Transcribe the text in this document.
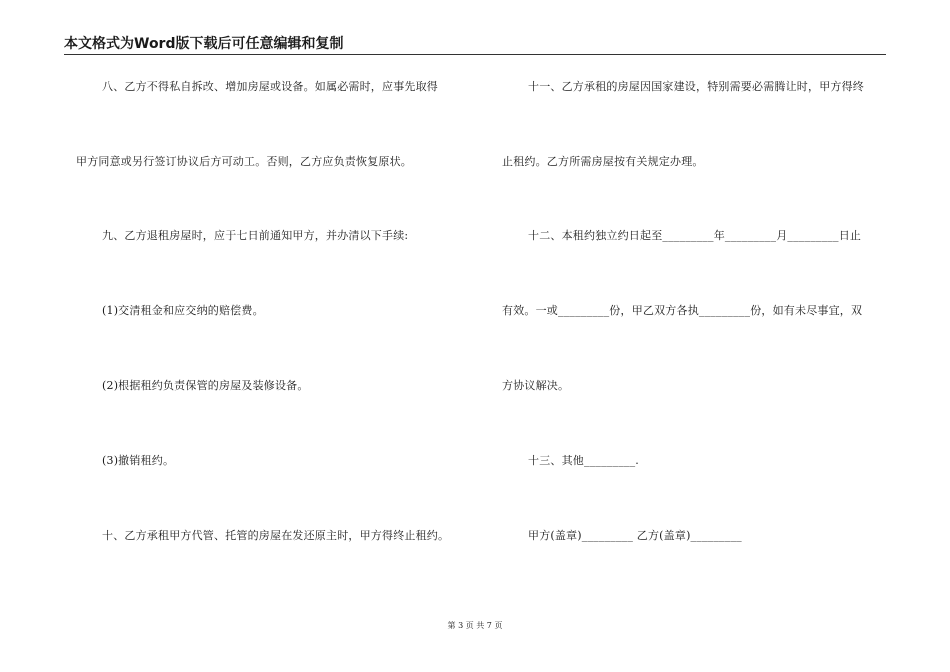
本文格式为Word版下载后可任意编辑和复制
八、乙方不得私自拆改、增加房屋或设备。如属必需时，应事先取得
甲方同意或另行签订协议后方可动工。否则，乙方应负责恢复原状。
九、乙方退租房屋时，应于七日前通知甲方，并办清以下手续:
(1)交清租金和应交纳的赔偿费。
(2)根据租约负责保管的房屋及装修设备。
(3)撤销租约。
十、乙方承租甲方代管、托管的房屋在发还原主时，甲方得终止租约。
十一、乙方承租的房屋因国家建设，特别需要必需腾让时，甲方得终
止租约。乙方所需房屋按有关规定办理。
十二、本租约独立约日起至_________年_________月_________日止
有效。一或_________份，甲乙双方各执_________份，如有未尽事宜，双
方协议解决。
十三、其他_________.
甲方(盖章)_________ 乙方(盖章)_________
第 3 页 共 7 页
